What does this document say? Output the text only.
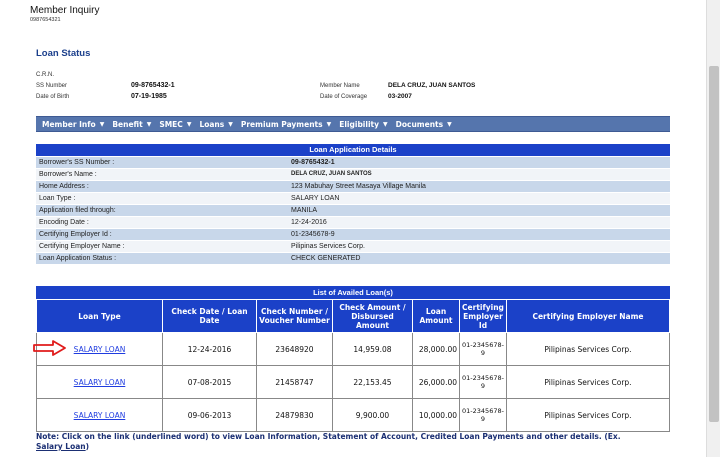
Member Inquiry
0987654321
Loan Status
C.R.N.
SS Number	09-8765432-1
Date of Birth	07-19-1985
Member Name	DELA CRUZ, JUAN SANTOS
Date of Coverage	03-2007
Member Info ▼ Benefit ▼ SMEC ▼ Loans ▼ Premium Payments ▼ Eligibility ▼ Documents ▼
Loan Application Details	
Borrower's SS Number :	09-8765432-1
Borrower's Name :	DELA CRUZ, JUAN SANTOS
Home Address :	123 Mabuhay Street Masaya Village Manila
Loan Type :	SALARY LOAN
Application filed through:	MANILA
Encoding Date :	12-24-2016
Certifying Employer Id :	01-2345678-9
Certifying Employer Name :	Pilipinas Services Corp.
Loan Application Status :	CHECK GENERATED
List of Availed Loan(s)
Loan Type	Check Date / Loan Date	Check Number / Voucher Number	Check Amount / Disbursed Amount	Loan Amount	Certifying Employer Id	Certifying Employer Name
SALARY LOAN	12-24-2016	23648920	14,959.08	28,000.00	01-2345678-9	Pilipinas Services Corp.
SALARY LOAN	07-08-2015	21458747	22,153.45	26,000.00	01-2345678-9	Pilipinas Services Corp.
SALARY LOAN	09-06-2013	24879830	9,900.00	10,000.00	01-2345678-9	Pilipinas Services Corp.
Note: Click on the link (underlined word) to view Loan Information, Statement of Account, Credited Loan Payments and other details. (Ex. Salary Loan)
